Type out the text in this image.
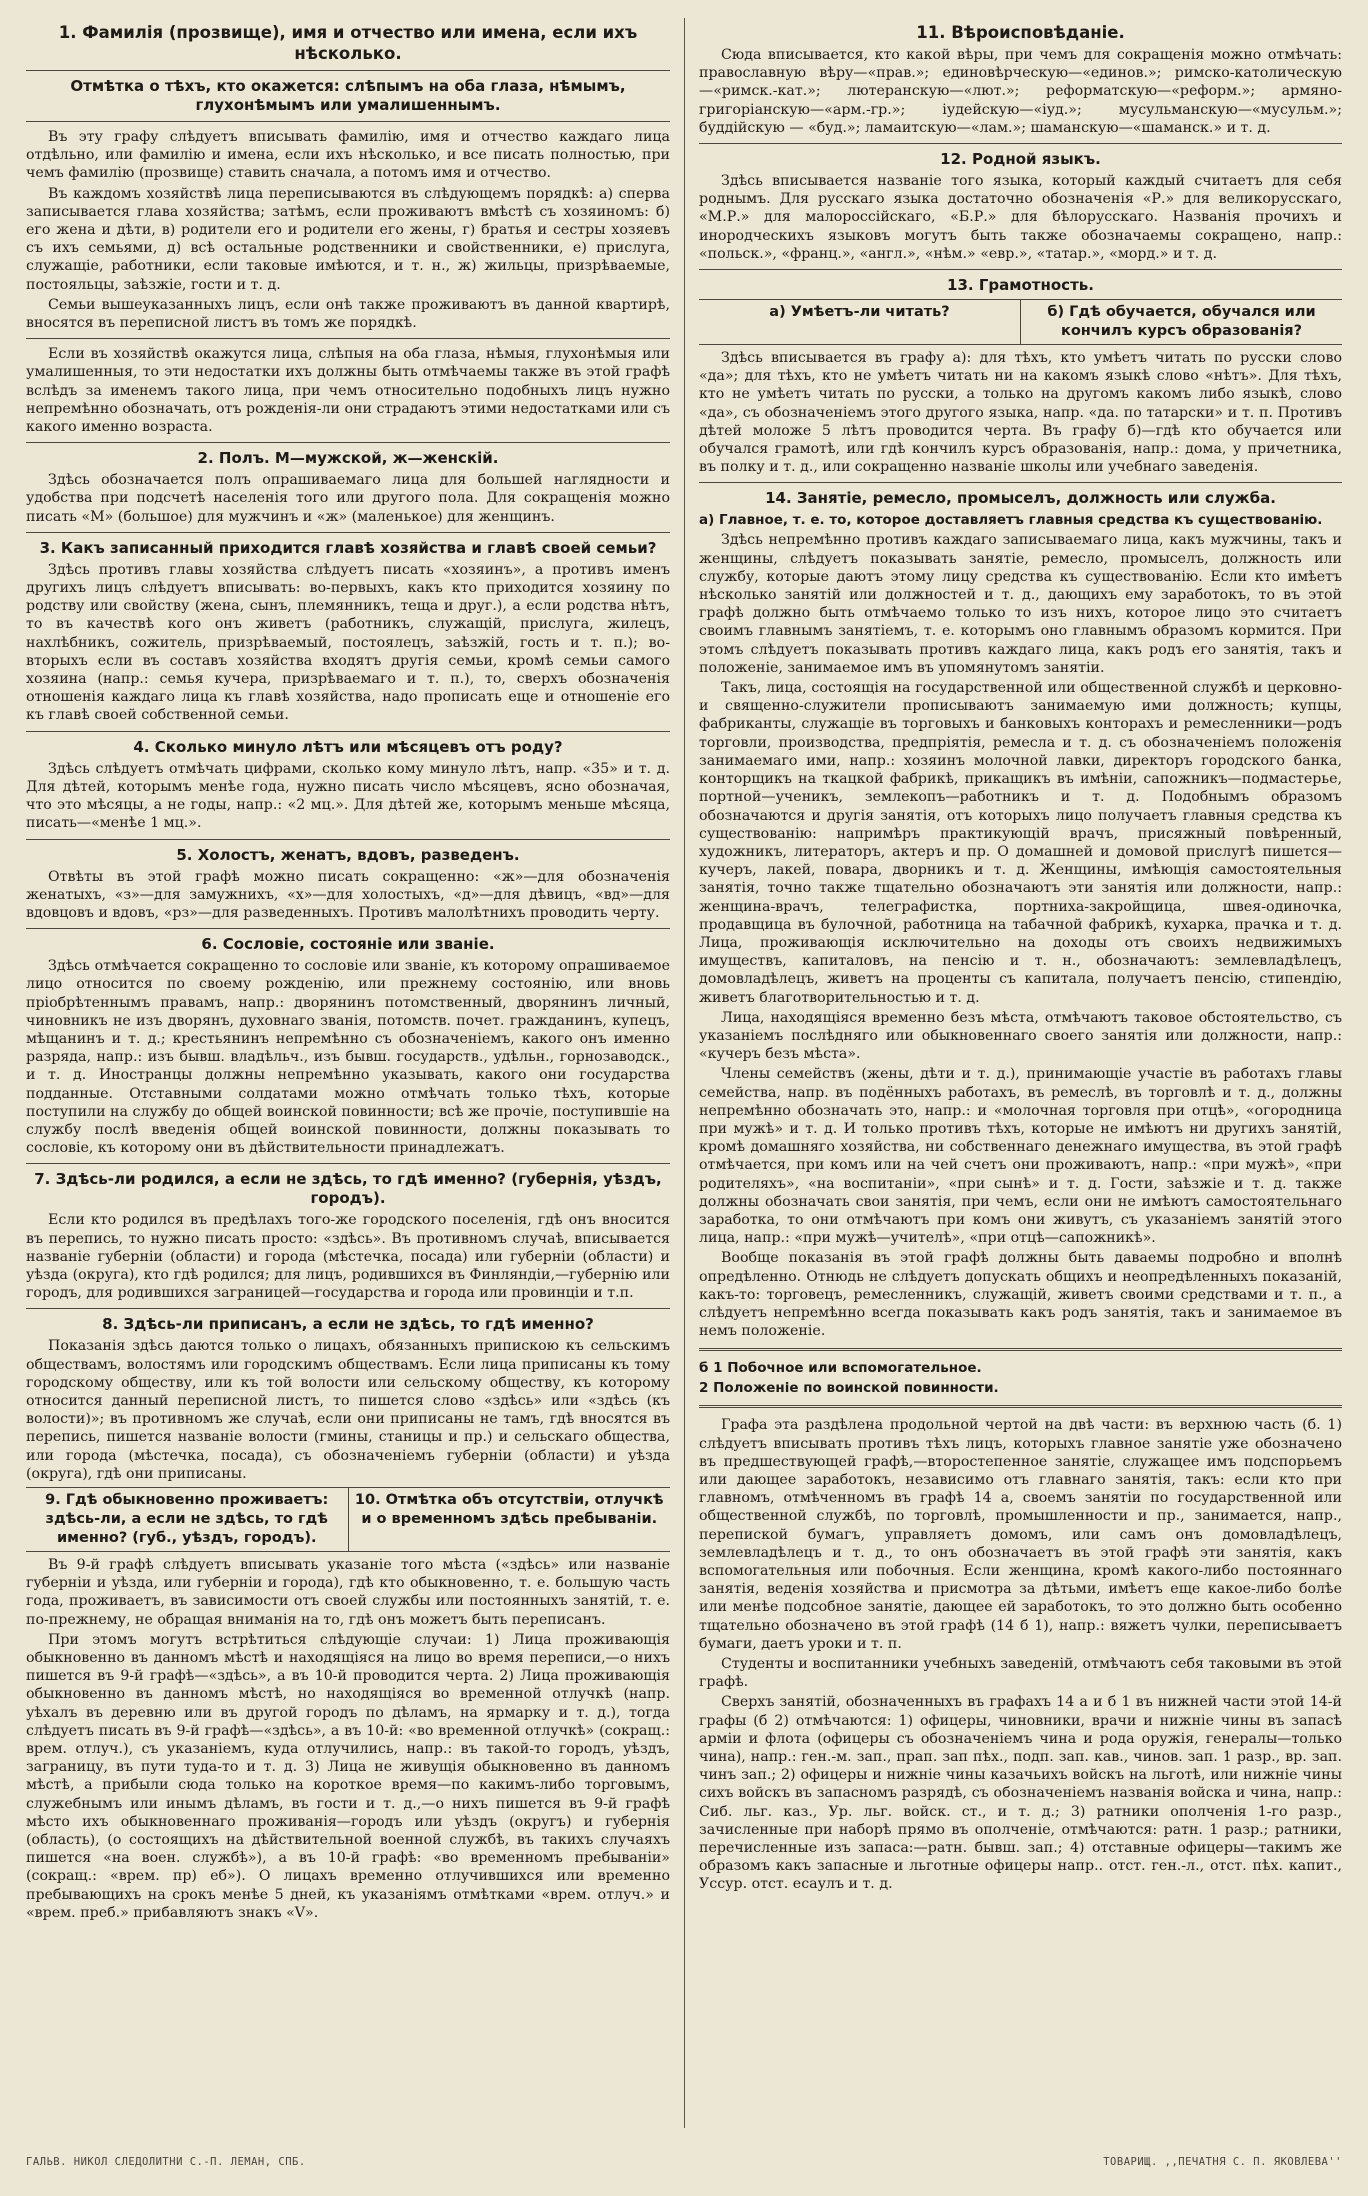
1. Фамилія (прозвище), имя и отчество или имена, если ихъ нѣсколько.
Отмѣтка о тѣхъ, кто окажется: слѣпымъ на оба глаза, нѣмымъ, глухонѣмымъ или умалишеннымъ.

Въ эту графу слѣдуетъ вписывать фамилію, имя и отчество каждаго лица отдѣльно, или фамилію и имена, если ихъ нѣсколько, и все писать полностью, при чемъ фамилію (прозвище) ставить сначала, а потомъ имя и отчество.

Въ каждомъ хозяйствѣ лица переписываются въ слѣдующемъ порядкѣ: а) сперва записывается глава хозяйства; затѣмъ, если проживаютъ вмѣстѣ съ хозяиномъ: б) его жена и дѣти, в) родители его и родители его жены, г) братья и сестры хозяевъ съ ихъ семьями, д) всѣ остальные родственники и свойственники, е) прислуга, служащіе, работники, если таковые имѣются, и т. н., ж) жильцы, призрѣваемые, постояльцы, заѣзжіе, гости и т. д.

Семьи вышеуказанныхъ лицъ, если онѣ также проживаютъ въ данной квартирѣ, вносятся въ переписной листъ въ томъ же порядкѣ.

Если въ хозяйствѣ окажутся лица, слѣпыя на оба глаза, нѣмыя, глухонѣмыя или умалишенныя, то эти недостатки ихъ должны быть отмѣчаемы также въ этой графѣ вслѣдъ за именемъ такого лица, при чемъ относительно подобныхъ лицъ нужно непремѣнно обозначать, отъ рожденія-ли они страдаютъ этими недостатками или съ какого именно возраста.

2. Полъ. М—мужской, ж—женскій.

Здѣсь обозначается полъ опрашиваемаго лица для большей наглядности и удобства при подсчетѣ населенія того или другого пола. Для сокращенія можно писать «М» (большое) для мужчинъ и «ж» (маленькое) для женщинъ.

3. Какъ записанный приходится главѣ хозяйства и главѣ своей семьи?

Здѣсь противъ главы хозяйства слѣдуетъ писать «хозяинъ», а противъ именъ другихъ лицъ слѣдуетъ вписывать: во-первыхъ, какъ кто приходится хозяину по родству или свойству (жена, сынъ, племянникъ, теща и друг.), а если родства нѣтъ, то въ качествѣ кого онъ живетъ (работникъ, служащій, прислуга, жилецъ, нахлѣбникъ, сожитель, призрѣваемый, постоялецъ, заѣзжій, гость и т. п.); во-вторыхъ если въ составъ хозяйства входятъ другія семьи, кромѣ семьи самого хозяина (напр.: семья кучера, призрѣваемаго и т. п.), то, сверхъ обозначенія отношенія каждаго лица къ главѣ хозяйства, надо прописать еще и отношеніе его къ главѣ своей собственной семьи.

4. Сколько минуло лѣтъ или мѣсяцевъ отъ роду?

Здѣсь слѣдуетъ отмѣчать цифрами, сколько кому минуло лѣтъ, напр. «35» и т. д. Для дѣтей, которымъ менѣе года, нужно писать число мѣсяцевъ, ясно обозначая, что это мѣсяцы, а не годы, напр.: «2 мц.». Для дѣтей же, которымъ меньше мѣсяца, писать—«менѣе 1 мц.».

5. Холостъ, женатъ, вдовъ, разведенъ.

Отвѣты въ этой графѣ можно писать сокращенно: «ж»—для обозначенія женатыхъ, «з»—для замужнихъ, «х»—для холостыхъ, «д»—для дѣвицъ, «вд»—для вдовцовъ и вдовъ, «рз»—для разведенныхъ. Противъ малолѣтнихъ проводить черту.

6. Сословіе, состояніе или званіе.

Здѣсь отмѣчается сокращенно то сословіе или званіе, къ которому опрашиваемое лицо относится по своему рожденію, или прежнему состоянію, или вновь пріобрѣтеннымъ правамъ, напр.: дворянинъ потомственный, дворянинъ личный, чиновникъ не изъ дворянъ, духовнаго званія, потомств. почет. гражданинъ, купецъ, мѣщанинъ и т. д.; крестьянинъ непремѣнно съ обозначеніемъ, какого онъ именно разряда, напр.: изъ бывш. владѣльч., изъ бывш. государств., удѣльн., горнозаводск., и т. д. Иностранцы должны непремѣнно указывать, какого они государства подданные. Отставными солдатами можно отмѣчать только тѣхъ, которые поступили на службу до общей воинской повинности; всѣ же прочіе, поступившіе на службу послѣ введенія общей воинской повинности, должны показывать то сословіе, къ которому они въ дѣйствительности принадлежатъ.

7. Здѣсь-ли родился, а если не здѣсь, то гдѣ именно? (губернія, уѣздъ, городъ).

Если кто родился въ предѣлахъ того-же городского поселенія, гдѣ онъ вносится въ перепись, то нужно писать просто: «здѣсь». Въ противномъ случаѣ, вписывается названіе губерніи (области) и города (мѣстечка, посада) или губерніи (области) и уѣзда (округа), кто гдѣ родился; для лицъ, родившихся въ Финляндіи,—губернію или городъ, для родившихся заграницей—государства и города или провинціи и т.п.

8. Здѣсь-ли приписанъ, а если не здѣсь, то гдѣ именно?

Показанія здѣсь даются только о лицахъ, обязанныхъ припискою къ сельскимъ обществамъ, волостямъ или городскимъ обществамъ. Если лица приписаны къ тому городскому обществу, или къ той волости или сельскому обществу, къ которому относится данный переписной листъ, то пишется слово «здѣсь» или «здѣсь (къ волости)»; въ противномъ же случаѣ, если они приписаны не тамъ, гдѣ вносятся въ перепись, пишется названіе волости (гмины, станицы и пр.) и сельскаго общества, или города (мѣстечка, посада), съ обозначеніемъ губерніи (области) и уѣзда (округа), гдѣ они приписаны.

9. Гдѣ обыкновенно проживаетъ: здѣсь-ли, а если не здѣсь, то гдѣ именно? (губ., уѣздъ, городъ).
10. Отмѣтка объ отсутствіи, отлучкѣ и о временномъ здѣсь пребываніи.

Въ 9-й графѣ слѣдуетъ вписывать указаніе того мѣста («здѣсь» или названіе губерніи и уѣзда, или губерніи и города), гдѣ кто обыкновенно, т. е. большую часть года, проживаетъ, въ зависимости отъ своей службы или постоянныхъ занятій, т. е. по-прежнему, не обращая вниманія на то, гдѣ онъ можетъ быть переписанъ.

При этомъ могутъ встрѣтиться слѣдующіе случаи: 1) Лица проживающія обыкновенно въ данномъ мѣстѣ и находящіяся на лицо во время переписи,—о нихъ пишется въ 9-й графѣ—«здѣсь», а въ 10-й проводится черта. 2) Лица проживающія обыкновенно въ данномъ мѣстѣ, но находящіяся во временной отлучкѣ (напр. уѣхалъ въ деревню или въ другой городъ по дѣламъ, на ярмарку и т. д.), тогда слѣдуетъ писать въ 9-й графѣ—«здѣсь», а въ 10-й: «во временной отлучкѣ» (сокращ.: врем. отлуч.), съ указаніемъ, куда отлучились, напр.: въ такой-то городъ, уѣздъ, заграницу, въ пути туда-то и т. д. 3) Лица не живущія обыкновенно въ данномъ мѣстѣ, а прибыли сюда только на короткое время—по какимъ-либо торговымъ, служебнымъ или инымъ дѣламъ, въ гости и т. д.,—о нихъ пишется въ 9-й графѣ мѣсто ихъ обыкновеннаго проживанія—городъ или уѣздъ (округъ) и губернія (область), (о состоящихъ на дѣйствительной военной службѣ, въ такихъ случаяхъ пишется «на воен. службѣ»), а въ 10-й графѣ: «во временномъ пребываніи» (сокращ.: «врем. пр) еб»). О лицахъ временно отлучившихся или временно пребывающихъ на срокъ менѣе 5 дней, къ указаніямъ отмѣтками «врем. отлуч.» и «врем. преб.» прибавляютъ знакъ «V».

11. Вѣроисповѣданіе.

Сюда вписывается, кто какой вѣры, при чемъ для сокращенія можно отмѣчать: православную вѣру—«прав.»; единовѣрческую—«единов.»; римско-католическую—«римск.-кат.»; лютеранскую—«лют.»; реформатскую—«реформ.»; армяно-григоріанскую—«арм.-гр.»; іудейскую—«іуд.»; мусульманскую—«мусульм.»; буддійскую — «буд.»; ламаитскую—«лам.»; шаманскую—«шаманск.» и т. д.

12. Родной языкъ.

Здѣсь вписывается названіе того языка, который каждый считаетъ для себя роднымъ. Для русскаго языка достаточно обозначенія «Р.» для великорусскаго, «М.Р.» для малороссійскаго, «Б.Р.» для бѣлорусскаго. Названія прочихъ и инородческихъ языковъ могутъ быть также обозначаемы сокращено, напр.: «польск.», «франц.», «англ.», «нѣм.» «евр.», «татар.», «морд.» и т. д.

13. Грамотность.
а) Умѣетъ-ли читать?	б) Гдѣ обучается, обучался или кончилъ курсъ образованія?

Здѣсь вписывается въ графу а): для тѣхъ, кто умѣетъ читать по русски слово «да»; для тѣхъ, кто не умѣетъ читать ни на какомъ языкѣ слово «нѣтъ». Для тѣхъ, кто не умѣетъ читать по русски, а только на другомъ какомъ либо языкѣ, слово «да», съ обозначеніемъ этого другого языка, напр. «да. по татарски» и т. п. Противъ дѣтей моложе 5 лѣтъ проводится черта. Въ графу б)—гдѣ кто обучается или обучался грамотѣ, или гдѣ кончилъ курсъ образованія, напр.: дома, у причетника, въ полку и т. д., или сокращенно названіе школы или учебнаго заведенія.

14. Занятіе, ремесло, промыселъ, должность или служба.
а) Главное, т. е. то, которое доставляетъ главныя средства къ существованію.

Здѣсь непремѣнно противъ каждаго записываемаго лица, какъ мужчины, такъ и женщины, слѣдуетъ показывать занятіе, ремесло, промыселъ, должность или службу, которые даютъ этому лицу средства къ существованію. Если кто имѣетъ нѣсколько занятій или должностей и т. д., дающихъ ему заработокъ, то въ этой графѣ должно быть отмѣчаемо только то изъ нихъ, которое лицо это считаетъ своимъ главнымъ занятіемъ, т. е. которымъ оно главнымъ образомъ кормится. При этомъ слѣдуетъ показывать противъ каждаго лица, какъ родъ его занятія, такъ и положеніе, занимаемое имъ въ упомянутомъ занятіи.

Такъ, лица, состоящія на государственной или общественной службѣ и церковно-и священно-служители прописываютъ занимаемую ими должность; купцы, фабриканты, служащіе въ торговыхъ и банковыхъ конторахъ и ремесленники—родъ торговли, производства, предпріятія, ремесла и т. д. съ обозначеніемъ положенія занимаемаго ими, напр.: хозяинъ молочной лавки, директоръ городского банка, конторщикъ на ткацкой фабрикѣ, прикащикъ въ имѣніи, сапожникъ—подмастерье, портной—ученикъ, землекопъ—работникъ и т. д. Подобнымъ образомъ обозначаются и другія занятія, отъ которыхъ лицо получаетъ главныя средства къ существованію: напримѣръ практикующій врачъ, присяжный повѣренный, художникъ, литераторъ, актеръ и пр. О домашней и домовой прислугѣ пишется—кучеръ, лакей, повара, дворникъ и т. д. Женщины, имѣющія самостоятельныя занятія, точно также тщательно обозначаютъ эти занятія или должности, напр.: женщина-врачъ, телеграфистка, портниха-закройщица, швея-одиночка, продавщица въ булочной, работница на табачной фабрикѣ, кухарка, прачка и т. д. Лица, проживающія исключительно на доходы отъ своихъ недвижимыхъ имуществъ, капиталовъ, на пенсію и т. н., обозначаютъ: землевладѣлецъ, домовладѣлецъ, живетъ на проценты съ капитала, получаетъ пенсію, стипендію, живетъ благотворительностью и т. д.

Лица, находящіяся временно безъ мѣста, отмѣчаютъ таковое обстоятельство, съ указаніемъ послѣдняго или обыкновеннаго своего занятія или должности, напр.: «кучеръ безъ мѣста».

Члены семействъ (жены, дѣти и т. д.), принимающіе участіе въ работахъ главы семейства, напр. въ подённыхъ работахъ, въ ремеслѣ, въ торговлѣ и т. д., должны непремѣнно обозначать это, напр.: и «молочная торговля при отцѣ», «огородница при мужѣ» и т. д. И только противъ тѣхъ, которые не имѣютъ ни другихъ занятій, кромѣ домашняго хозяйства, ни собственнаго денежнаго имущества, въ этой графѣ отмѣчается, при комъ или на чей счетъ они проживаютъ, напр.: «при мужѣ», «при родителяхъ», «на воспитаніи», «при сынѣ» и т. д. Гости, заѣзжіе и т. д. также должны обозначать свои занятія, при чемъ, если они не имѣютъ самостоятельнаго заработка, то они отмѣчаютъ при комъ они живутъ, съ указаніемъ занятій этого лица, напр.: «при мужѣ—учителѣ», «при отцѣ—сапожникѣ».

Вообще показанія въ этой графѣ должны быть даваемы подробно и вполнѣ опредѣленно. Отнюдь не слѣдуетъ допускать общихъ и неопредѣленныхъ показаній, какъ-то: торговецъ, ремесленникъ, служащій, живетъ своими средствами и т. п., а слѣдуетъ непремѣнно всегда показывать какъ родъ занятія, такъ и занимаемое въ немъ положеніе.

б 1 Побочное или вспомогательное.
2 Положеніе по воинской повинности.

Графа эта раздѣлена продольной чертой на двѣ части: въ верхнюю часть (б. 1) слѣдуетъ вписывать противъ тѣхъ лицъ, которыхъ главное занятіе уже обозначено въ предшествующей графѣ,—второстепенное занятіе, служащее имъ подспорьемъ или дающее заработокъ, независимо отъ главнаго занятія, такъ: если кто при главномъ, отмѣченномъ въ графѣ 14 а, своемъ занятіи по государственной или общественной службѣ, по торговлѣ, промышленности и пр., занимается, напр., перепиской бумагъ, управляетъ домомъ, или самъ онъ домовладѣлецъ, землевладѣлецъ и т. д., то онъ обозначаетъ въ этой графѣ эти занятія, какъ вспомогательныя или побочныя. Если женщина, кромѣ какого-либо постояннаго занятія, веденія хозяйства и присмотра за дѣтьми, имѣетъ еще какое-либо болѣе или менѣе подсобное занятіе, дающее ей заработокъ, то это должно быть особенно тщательно обозначено въ этой графѣ (14 б 1), напр.: вяжетъ чулки, переписываетъ бумаги, даетъ уроки и т. п.

Студенты и воспитанники учебныхъ заведеній, отмѣчаютъ себя таковыми въ этой графѣ.

Сверхъ занятій, обозначенныхъ въ графахъ 14 а и б 1 въ нижней части этой 14-й графы (б 2) отмѣчаются: 1) офицеры, чиновники, врачи и нижніе чины въ запасѣ арміи и флота (офицеры съ обозначеніемъ чина и рода оружія, генералы—только чина), напр.: ген.-м. зап., прап. зап пѣх., подп. зап. кав., чинов. зап. 1 разр., вр. зап. чинъ зап.; 2) офицеры и нижніе чины казачьихъ войскъ на льготѣ, или нижніе чины сихъ войскъ въ запасномъ разрядѣ, съ обозначеніемъ названія войска и чина, напр.: Сиб. льг. каз., Ур. льг. войск. ст., и т. д.; 3) ратники ополченія 1-го разр., зачисленные при наборѣ прямо въ ополченіе, отмѣчаются: ратн. 1 разр.; ратники, перечисленные изъ запаса:—ратн. бывш. зап.; 4) отставные офицеры—такимъ же образомъ какъ запасные и льготные офицеры напр.. отст. ген.-л., отст. пѣх. капит., Уссур. отст. есаулъ и т. д.

ГАЛЬВ. НИКОЛ СЛЕДОЛИТНИ С.-П. ЛЕМАН, СПБ.	ТОВАРИЩ. ,,ПЕЧАТНЯ С. П. ЯКОВЛЕВА''
